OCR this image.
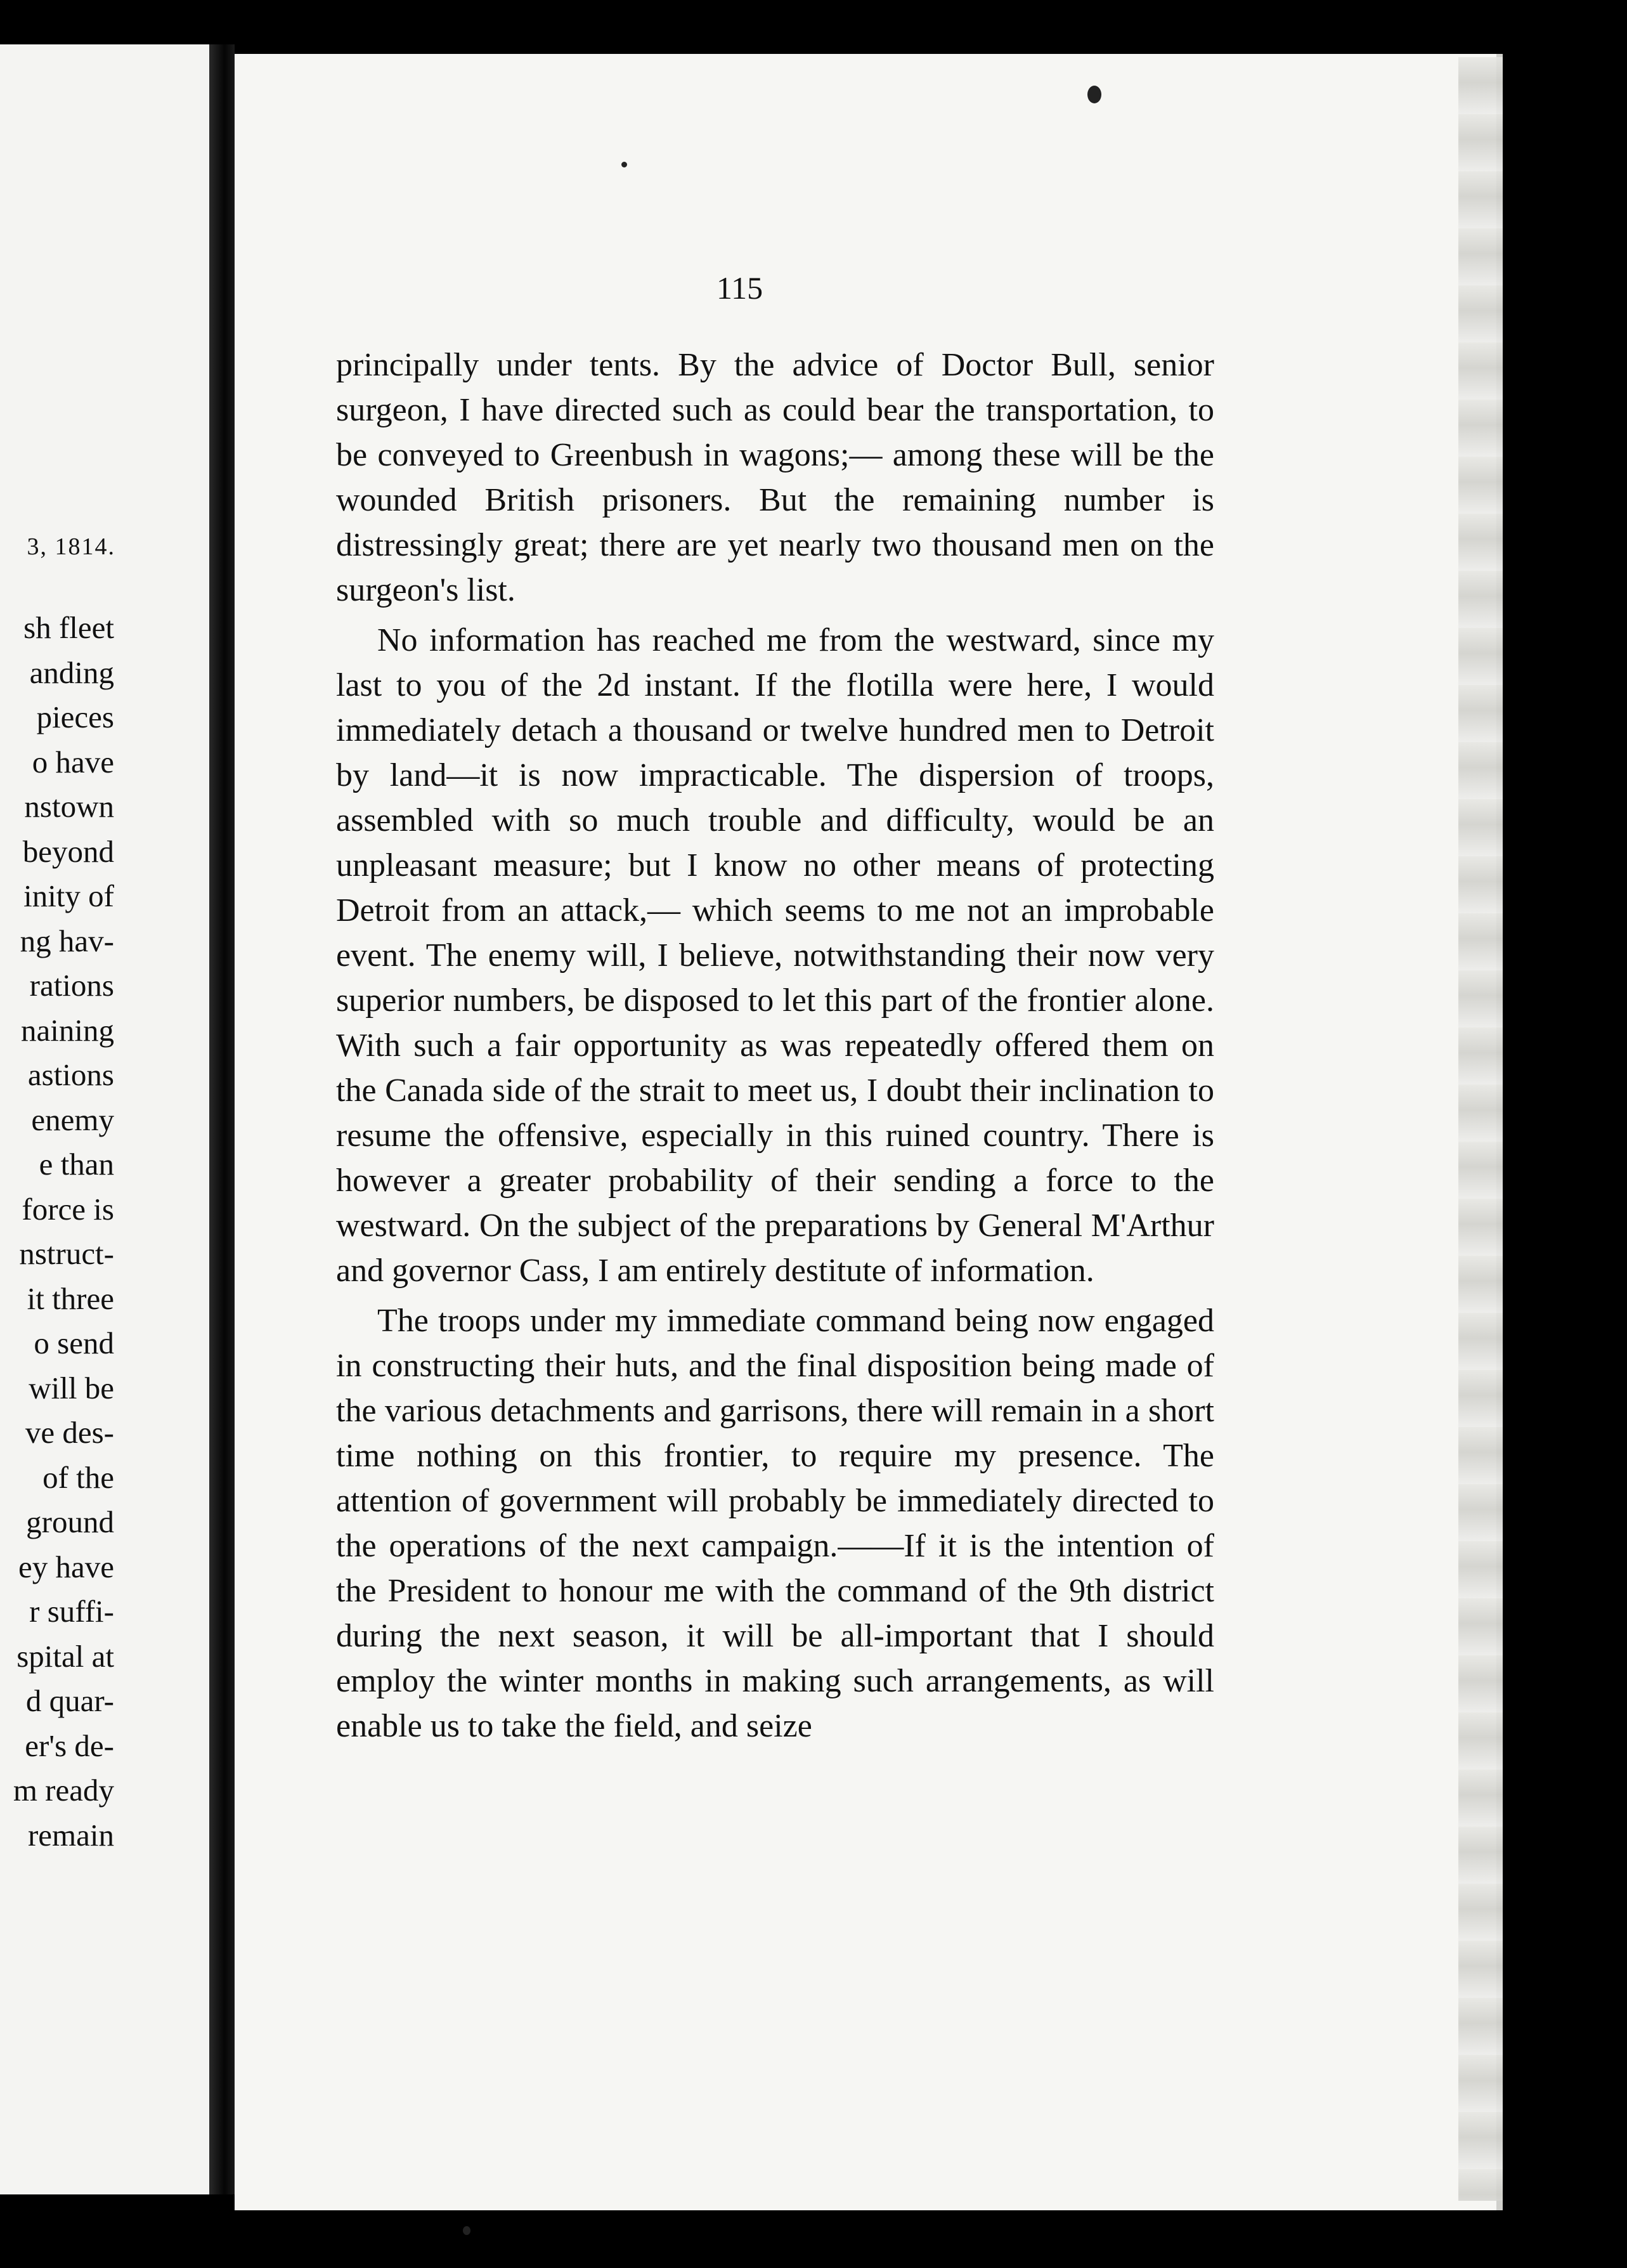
3, 1814.
sh fleet
anding
pieces
o have
nstown
beyond
inity of
ng hav-
rations
naining
astions
enemy
e than
force is
nstruct-
it three
o send
will be
ve des-
of the
ground
ey have
r suffi-
spital at
d quar-
er's de-
m ready
remain
115

principally under tents. By the advice of Doctor Bull, senior surgeon, I have directed such as could bear the transportation, to be conveyed to Greenbush in wagons;— among these will be the wounded British prisoners. But the remaining number is distressingly great; there are yet nearly two thousand men on the surgeon's list.

No information has reached me from the westward, since my last to you of the 2d instant. If the flotilla were here, I would immediately detach a thousand or twelve hundred men to Detroit by land—it is now impracticable. The dispersion of troops, assembled with so much trouble and difficulty, would be an unpleasant measure; but I know no other means of protecting Detroit from an attack,— which seems to me not an improbable event. The enemy will, I believe, notwithstanding their now very superior numbers, be disposed to let this part of the frontier alone. With such a fair opportunity as was repeatedly offered them on the Canada side of the strait to meet us, I doubt their inclination to resume the offensive, especially in this ruined country. There is however a greater probability of their sending a force to the westward. On the subject of the preparations by General M'Arthur and governor Cass, I am entirely destitute of information.

The troops under my immediate command being now engaged in constructing their huts, and the final disposition being made of the various detachments and garrisons, there will remain in a short time nothing on this frontier, to require my presence. The attention of government will probably be immediately directed to the operations of the next campaign.——If it is the intention of the President to honour me with the command of the 9th district during the next season, it will be all-important that I should employ the winter months in making such arrangements, as will enable us to take the field, and seize
